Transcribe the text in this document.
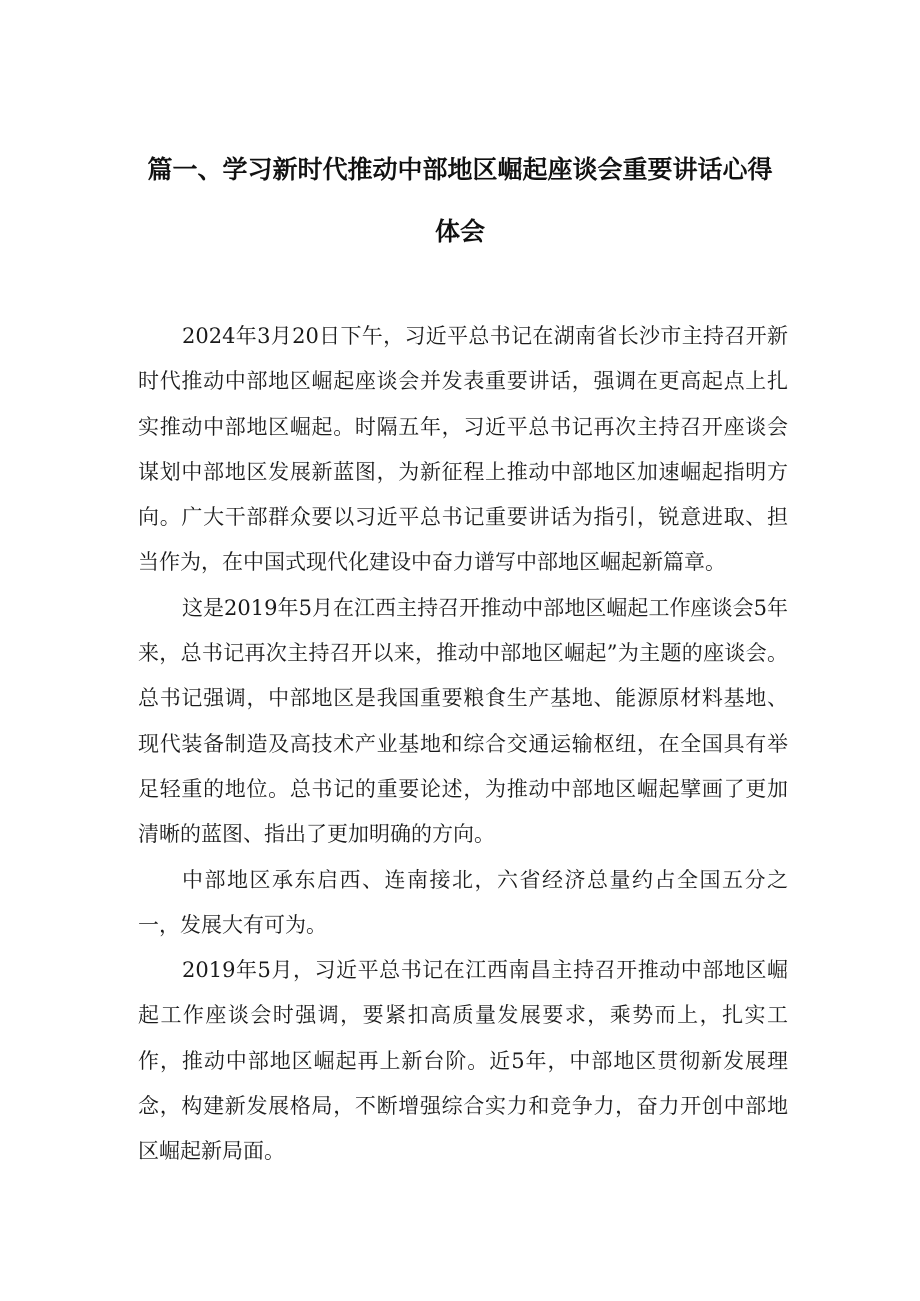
篇一、学习新时代推动中部地区崛起座谈会重要讲话心得
体会

2024年3月20日下午，习近平总书记在湖南省长沙市主持召开新时代推动中部地区崛起座谈会并发表重要讲话，强调在更高起点上扎实推动中部地区崛起。时隔五年，习近平总书记再次主持召开座谈会谋划中部地区发展新蓝图，为新征程上推动中部地区加速崛起指明方向。广大干部群众要以习近平总书记重要讲话为指引，锐意进取、担当作为，在中国式现代化建设中奋力谱写中部地区崛起新篇章。

这是2019年5月在江西主持召开推动中部地区崛起工作座谈会5年来，总书记再次主持召开以来，推动中部地区崛起”为主题的座谈会。总书记强调，中部地区是我国重要粮食生产基地、能源原材料基地、现代装备制造及高技术产业基地和综合交通运输枢纽，在全国具有举足轻重的地位。总书记的重要论述，为推动中部地区崛起擘画了更加清晰的蓝图、指出了更加明确的方向。

中部地区承东启西、连南接北，六省经济总量约占全国五分之一，发展大有可为。

2019年5月，习近平总书记在江西南昌主持召开推动中部地区崛起工作座谈会时强调，要紧扣高质量发展要求，乘势而上，扎实工作，推动中部地区崛起再上新台阶。近5年，中部地区贯彻新发展理念，构建新发展格局，不断增强综合实力和竞争力，奋力开创中部地区崛起新局面。
